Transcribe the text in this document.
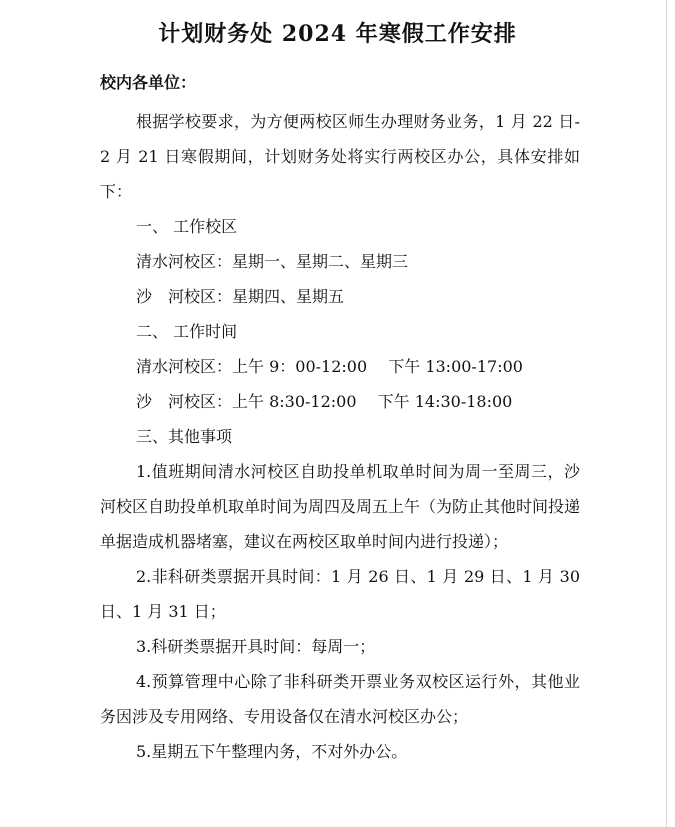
计划财务处 2024 年寒假工作安排

校内各单位：

根据学校要求，为方便两校区师生办理财务业务，1 月 22 日-2 月 21 日寒假期间，计划财务处将实行两校区办公，具体安排如下：

一、 工作校区

清水河校区：星期一、星期二、星期三

沙　河校区：星期四、星期五

二、 工作时间

清水河校区：上午 9：00-12:00　 下午 13:00-17:00

沙　河校区：上午 8:30-12:00　 下午 14:30-18:00

三、其他事项

1.值班期间清水河校区自助投单机取单时间为周一至周三，沙河校区自助投单机取单时间为周四及周五上午（为防止其他时间投递单据造成机器堵塞，建议在两校区取单时间内进行投递）；

2.非科研类票据开具时间：1 月 26 日、1 月 29 日、1 月 30 日、1 月 31 日；

3.科研类票据开具时间：每周一；

4.预算管理中心除了非科研类开票业务双校区运行外，其他业务因涉及专用网络、专用设备仅在清水河校区办公；

5.星期五下午整理内务，不对外办公。
